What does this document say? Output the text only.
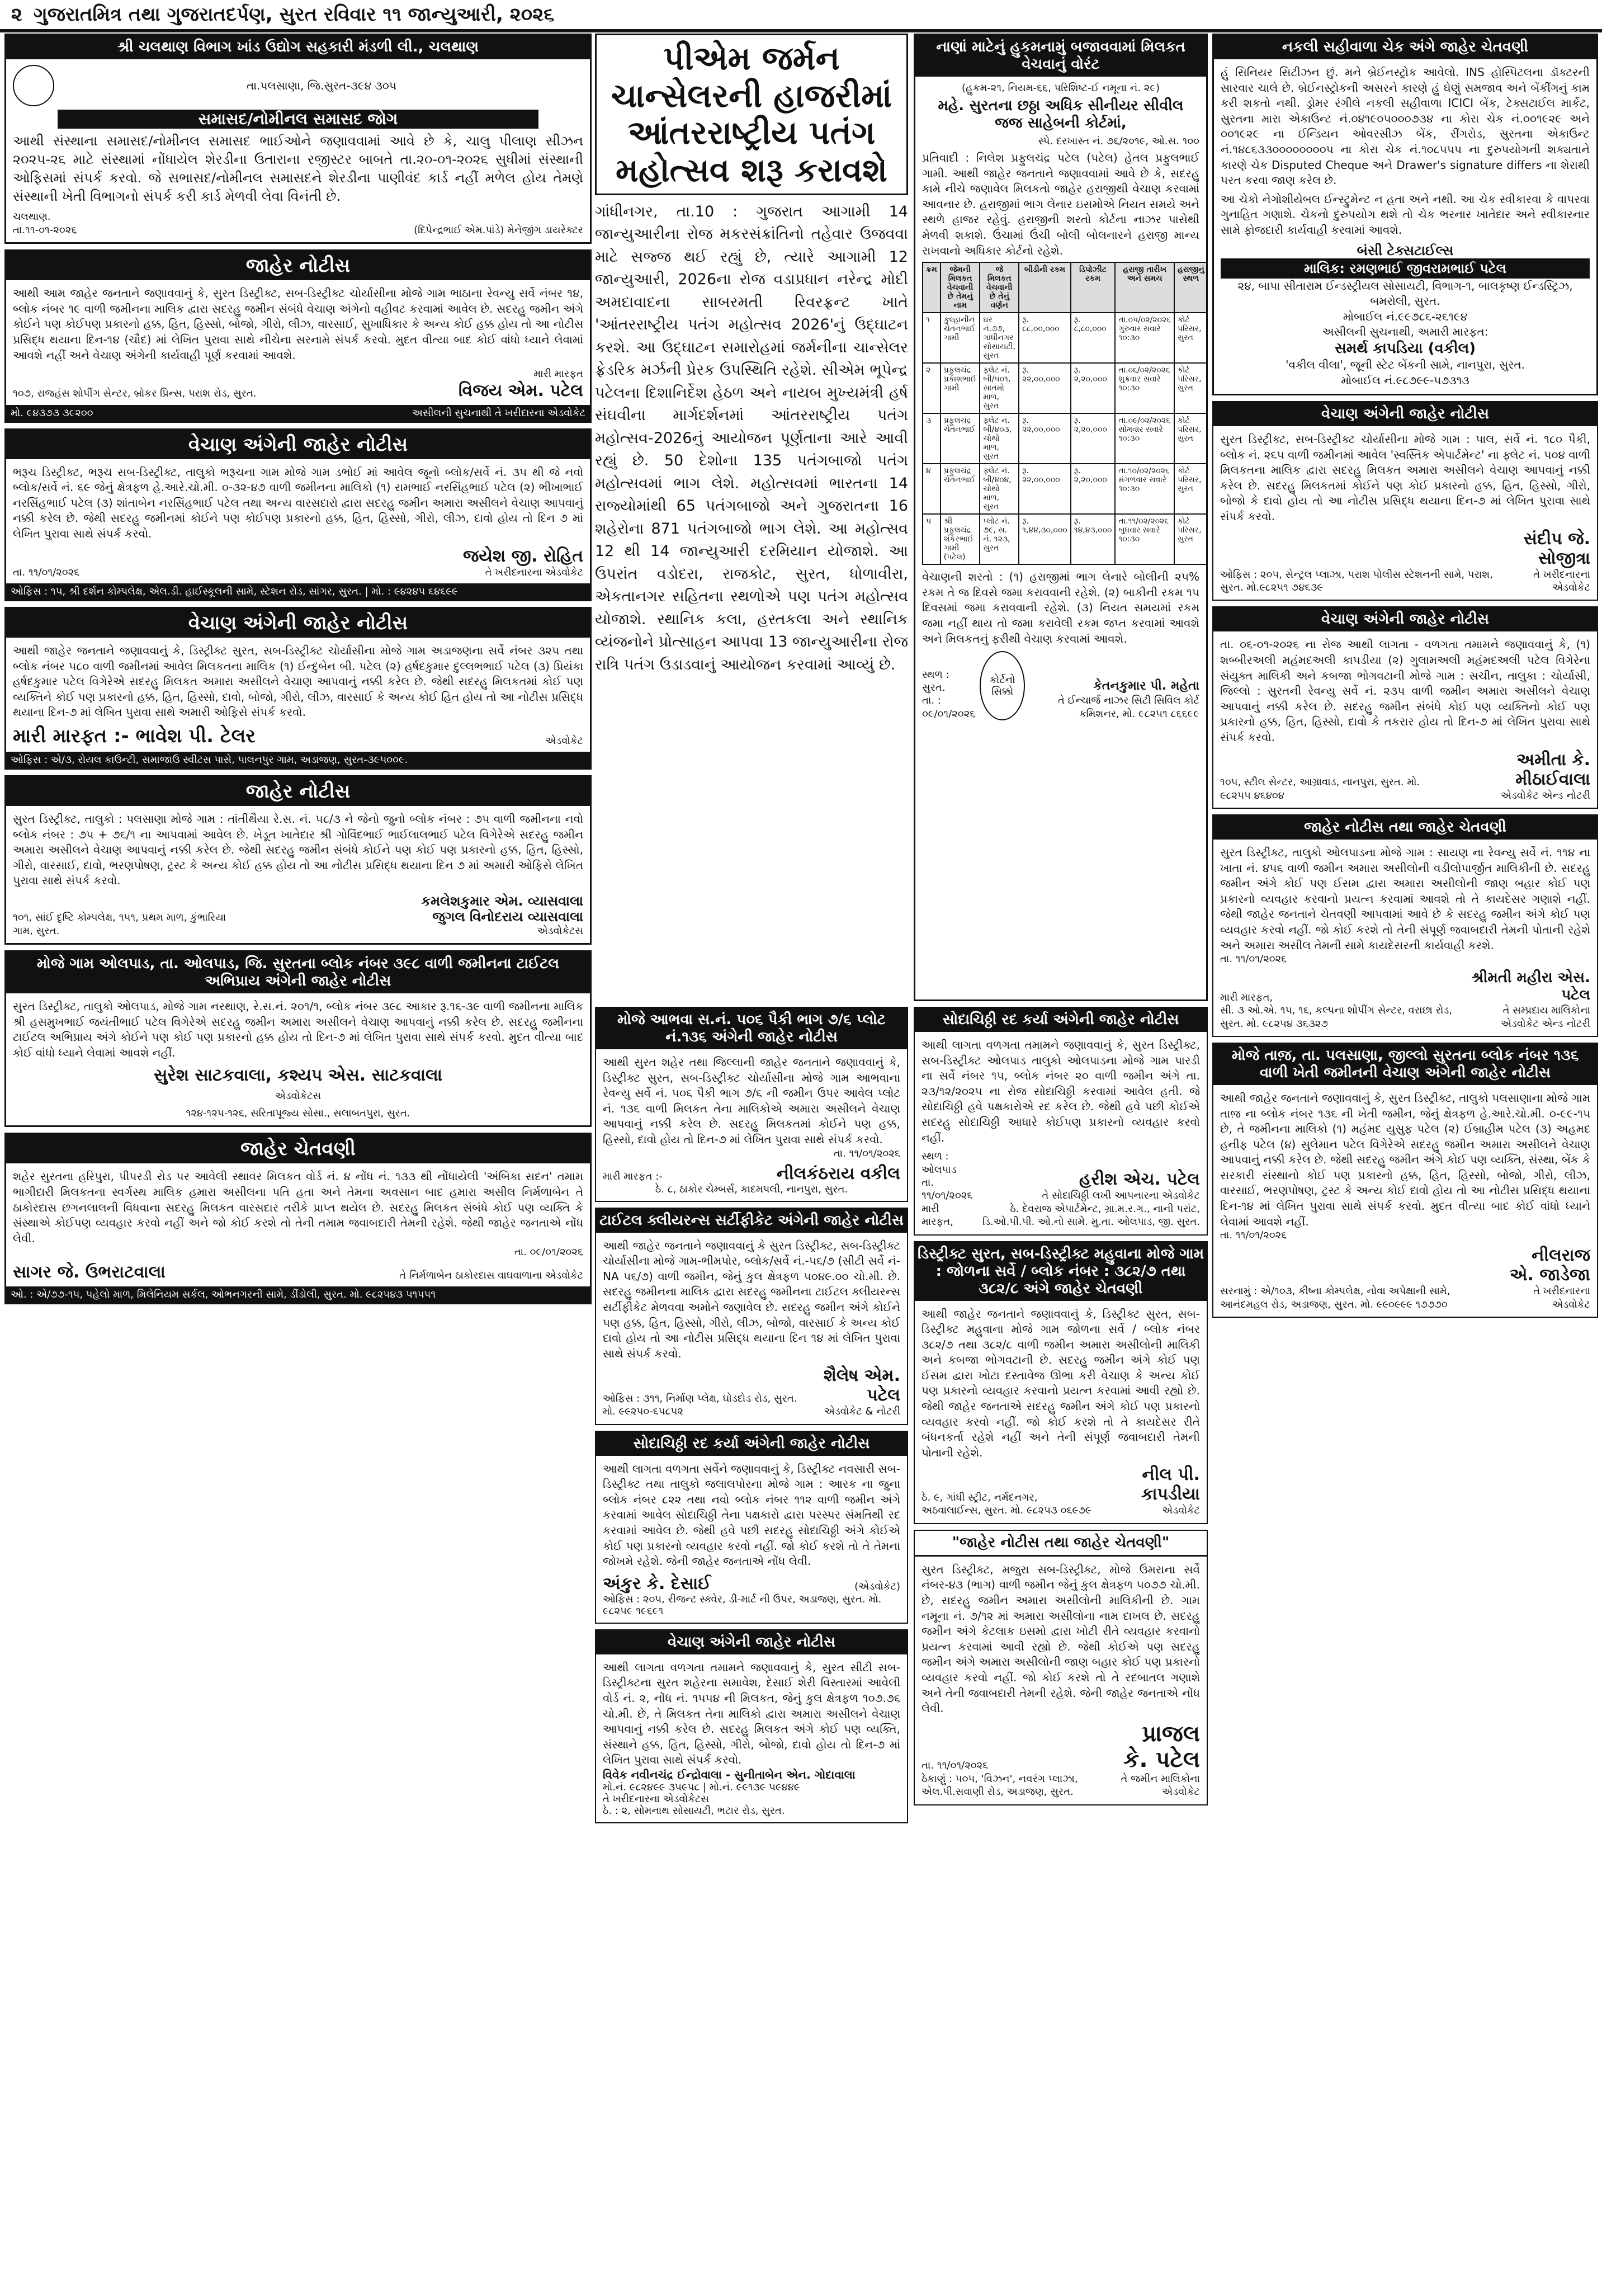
૨ ગુજરાતમિત્ર તથા ગુજરાતદર્પણ, સુરત રવિવાર ૧૧ જાન્યુઆરી, ૨૦૨૬
શ્રી ચલથાણ વિભાગ ખાંડ ઉદ્યોગ સહકારી મંડળી લી., ચલથાણ
તા.પલસાણા, જિ.સુરત-૩૯૪ ૩૦૫
સમાસદ/નોમીનલ સમાસદ જોગ
આથી સંસ્થાના સમાસદ/નોમીનલ સમાસદ ભાઈઓને જણાવવામાં આવે છે કે, ચાલુ પીલાણ સીઝન ૨૦૨૫-૨૬ માટે સંસ્થામાં નોંધાયેલ શેરડીના ઉતારાના રજીસ્ટર બાબતે તા.૨૦-૦૧-૨૦૨૬ સુધીમાં સંસ્થાની ઓફિસમાં સંપર્ક કરવો. જે સભાસદ/નોમીનલ સમાસદને શેરડીના પાણીવંદ કાર્ડ નહીં મળેલ હોય તેમણે સંસ્થાની ખેતી વિભાગનો સંપર્ક કરી કાર્ડ મેળવી લેવા વિનંતી છે.
ચલથાણ.
તા.૧૧-૦૧-૨૦૨૬	(દિપેન્દ્રભાઈ એમ.પાંડે) મેનેજીંગ ડાયરેક્ટર
જાહેર નોટીસ
આથી આમ જાહેર જનતાને જણાવવાનું કે, સુરત ડિસ્ટ્રીક્ટ, સબ-ડિસ્ટ્રીક્ટ ચોર્યાસીના મોજે ગામ ભાઠાના રેવન્યુ સર્વે નંબર ૧૪, બ્લોક નંબર ૧૯ વાળી જમીનના માલિક દ્વારા સદરહુ જમીન સંબંધે વેચાણ અંગેનો વહીવટ કરવામાં આવેલ છે. સદરહુ જમીન અંગે કોઈને પણ કોઈપણ પ્રકારનો હક્ક, હિત, હિસ્સો, બોજો, ગીરો, લીઝ, વારસાઈ, સુખાધિકાર કે અન્ય કોઈ હક્ક હોય તો આ નોટીસ પ્રસિદ્ધ થયાના દિન-૧૪ (ચૌદ) માં લેખિત પુરાવા સાથે નીચેના સરનામે સંપર્ક કરવો. મુદત વીત્યા બાદ કોઈ વાંધો ધ્યાને લેવામાં આવશે નહીં અને વેચાણ અંગેની કાર્યવાહી પૂર્ણ કરવામાં આવશે.
૧૦૭, રાજહંસ શોપીંગ સેન્ટર, બ્રોકર પ્રિન્સ, પરાશ રોડ, સુરત.
મારી મારફત
વિજય એમ. પટેલ
મો. ૯૪૩૭૩ ૩૯૨૦૦	અસીલની સુચનાથી તે ખરીદારના એડવોકેટ
વેચાણ અંગેની જાહેર નોટીસ
ભરૂચ ડિસ્ટ્રીક્ટ, ભરૂચ સબ-ડિસ્ટ્રીક્ટ, તાલુકો ભરૂચના ગામ મોજે ગામ ડભોઈ માં આવેલ જૂનો બ્લોક/સર્વે નં. ૩૫ થી જે નવો બ્લોક/સર્વે નં. ૬૯ જેનું ક્ષેત્રફળ હે.આરે.ચો.મી. ૦-૩૨-૪૭ વાળી જમીનના માલિકો (૧) રામભાઈ નરસિંહભાઈ પટેલ (૨) ભીખાભાઈ નરસિંહભાઈ પટેલ (૩) શાંતાબેન નરસિંહભાઈ પટેલ તથા અન્ય વારસદારો દ્વારા સદરહુ જમીન અમારા અસીલને વેચાણ આપવાનું નક્કી કરેલ છે. જેથી સદરહુ જમીનમાં કોઈને પણ કોઈપણ પ્રકારનો હક્ક, હિત, હિસ્સો, ગીરો, લીઝ, દાવો હોય તો દિન ૭ માં લેખિત પુરાવા સાથે સંપર્ક કરવો.
તા. ૧૧/૦૧/૨૦૨૬
જયેશ જી. રોહિત
તે ખરીદનારના એડવોકેટ
ઓફિસ : ૧૫, શ્રી દર્શન કોમ્પલેક્ષ, એલ.ડી. હાઈસ્કૂલની સામે, સ્ટેશન રોડ, સાંગર, સુરત. | મો. : ૯૪૨૪૫ ૬૪૬૯૯
વેચાણ અંગેની જાહેર નોટીસ
આથી જાહેર જનતાને જણાવવાનું કે, ડિસ્ટ્રીક્ટ સુરત, સબ-ડિસ્ટ્રીક્ટ ચોર્યાસીના મોજે ગામ અડાજણના સર્વે નંબર ૩૨૫ તથા બ્લોક નંબર ૫૮૦ વાળી જમીનમાં આવેલ મિલકતના માલિક (૧) ઈન્દુબેન બી. પટેલ (૨) હર્ષદકુમાર દુલ્લભભાઈ પટેલ (૩) પ્રિયંકા હર્ષદકુમાર પટેલ વિગેરેએ સદરહુ મિલકત અમારા અસીલને વેચાણ આપવાનું નક્કી કરેલ છે. જેથી સદરહુ મિલકતમાં કોઈ પણ વ્યક્તિને કોઈ પણ પ્રકારનો હક્ક, હિત, હિસ્સો, દાવો, બોજો, ગીરો, લીઝ, વારસાઈ કે અન્ય કોઈ હિત હોય તો આ નોટીસ પ્રસિદ્ધ થયાના દિન-૭ માં લેખિત પુરાવા સાથે અમારી ઓફિસે સંપર્ક કરવો.
મારી મારફત :- ભાવેશ પી. ટેલર	એડવોકેટ
ઓફિસ : એ/૩, રોયલ કાઉન્ટી, સમાજાઉ સ્વીટસ પાસે, પાલનપુર ગામ, અડાજણ, સુરત-૩૯૫૦૦૯.
જાહેર નોટીસ
સુરત ડિસ્ટ્રીક્ટ, તાલુકો : પલસાણા મોજે ગામ : તાંતીથૈયા રે.સ. નં. ૫૮/૩ ને જેનો જુનો બ્લોક નંબર : ૭૫ વાળી જમીનના નવો બ્લોક નંબર : ૭૫ + ૭૬/૧ ના આપવામાં આવેલ છે. ખેડૂત ખાતેદાર શ્રી ગોવિંદભાઈ ભાઈલાલભાઈ પટેલ વિગેરેએ સદરહુ જમીન અમારા અસીલને વેચાણ આપવાનું નક્કી કરેલ છે. જેથી સદરહુ જમીન સંબંધે કોઈને પણ કોઈ પણ પ્રકારનો હક્ક, હિત, હિસ્સો, ગીરો, વારસાઈ, દાવો, ભરણપોષણ, ટ્રસ્ટ કે અન્ય કોઈ હક્ક હોય તો આ નોટીસ પ્રસિદ્ધ થયાના દિન ૭ માં અમારી ઓફિસે લેખિત પુરાવા સાથે સંપર્ક કરવો.
૧૦૧, સાંઈ દૃષ્ટિ કોમ્પલેક્ષ, ૧૫૧, પ્રથમ માળ, કુંભારિયા ગામ, સુરત.
કમલેશકુમાર એમ. વ્યાસવાલા
જુગલ વિનોદરાય વ્યાસવાલા
એડવોકેટસ
મોજે ગામ ઓલપાડ, તા. ઓલપાડ, જિ. સુરતના બ્લોક નંબર ૩૯૮ વાળી જમીનના ટાઈટલ અભિપ્રાય અંગેની જાહેર નોટીસ
સુરત ડિસ્ટ્રીક્ટ, તાલુકો ઓલપાડ, મોજે ગામ નરથાણ, રે.સ.નં. ૨૦૧/૧, બ્લોક નંબર ૩૯૮ આકાર રૂ.૧૬-૩૯ વાળી જમીનના માલિક શ્રી હસમુખભાઈ જયંતીભાઈ પટેલ વિગેરેએ સદરહુ જમીન અમારા અસીલને વેચાણ આપવાનું નક્કી કરેલ છે. સદરહુ જમીનના ટાઈટલ અભિપ્રાય અંગે કોઈને પણ કોઈ પણ પ્રકારનો હક્ક હોય તો દિન-૭ માં લેખિત પુરાવા સાથે સંપર્ક કરવો. મુદત વીત્યા બાદ કોઈ વાંધો ધ્યાને લેવામાં આવશે નહીં.
સુરેશ સાટકવાલા, કશ્યપ એસ. સાટકવાલા
એડવોકેટસ
૧૨૪-૧૨૫-૧૨૬, સરિતાપૂજ્ય સોસા., સલાબતપુરા, સુરત.
જાહેર ચેતવણી
શહેર સુરતના હરિપુરા, પીપરડી રોડ પર આવેલી સ્થાવર મિલકત વોર્ડ નં. ૪ નોંધ નં. ૧૩૩ થી નોંધાયેલી 'અંબિકા સદન' તમામ ભાગીદારી મિલકતના સ્વર્ગસ્થ માલિક હમારા અસીલના પતિ હતા અને તેમના અવસાન બાદ હમારા અસીલ નિર્મળાબેન તે ઠાકોરદાસ છગનલાલની વિધવાના સદરહુ મિલકત વારસદાર તરીકે પ્રાપ્ત થયેલ છે. સદરહુ મિલકત સંબંધે કોઈ પણ વ્યક્તિ કે સંસ્થાએ કોઈપણ વ્યવહાર કરવો નહીં અને જો કોઈ કરશે તો તેની તમામ જવાબદારી તેમની રહેશે. જેથી જાહેર જનતાએ નોંધ લેવી.
તા. ૦૯/૦૧/૨૦૨૬
સાગર જે. ઉભરાટવાલા	તે નિર્મળાબેન ઠાકોરદાસ વાઘવાળાના એડવોકેટ
ઓ. : એ/૭૭-૧૫, પહેલો માળ, મિલેનિયમ સર્કલ, ઓભનગરની સામે, ડીંડોલી, સુરત. મો. ૯૮૨૫૪૩ ૫૧૫૫૧
પીએમ જર્મન ચાન્સેલરની હાજરીમાં આંતરરાષ્ટ્રીય પતંગ મહોત્સવ શરૂ કરાવશે
ગાંધીનગર, તા.10 : ગુજરાત આગામી 14 જાન્યુઆરીના રોજ મકરસંક્રાંતિનો તહેવાર ઉજવવા માટે સજ્જ થઈ રહ્યું છે, ત્યારે આગામી 12 જાન્યુઆરી, 2026ના રોજ વડાપ્રધાન નરેન્દ્ર મોદી અમદાવાદના સાબરમતી રિવરફ્રન્ટ ખાતે 'આંતરરાષ્ટ્રીય પતંગ મહોત્સવ 2026'નું ઉદ્ઘાટન કરશે. આ ઉદ્ઘાટન સમારોહમાં જર્મનીના ચાન્સેલર ફ્રેડરિક મર્ઝની પ્રેરક ઉપસ્થિતિ રહેશે. સીએમ ભૂપેન્દ્ર પટેલના દિશાનિર્દેશ હેઠળ અને નાયબ મુખ્યમંત્રી હર્ષ સંઘવીના માર્ગદર્શનમાં આંતરરાષ્ટ્રીય પતંગ મહોત્સવ-2026નું આયોજન પૂર્ણતાના આરે આવી રહ્યું છે. 50 દેશોના 135 પતંગબાજો પતંગ મહોત્સવમાં ભાગ લેશે. મહોત્સવમાં ભારતના 14 રાજ્યોમાંથી 65 પતંગબાજો અને ગુજરાતના 16 શહેરોના 871 પતંગબાજો ભાગ લેશે. આ મહોત્સવ 12 થી 14 જાન્યુઆરી દરમિયાન યોજાશે. આ ઉપરાંત વડોદરા, રાજકોટ, સુરત, ધોળાવીરા, એકતાનગર સહિતના સ્થળોએ પણ પતંગ મહોત્સવ યોજાશે. સ્થાનિક કલા, હસ્તકલા અને સ્થાનિક વ્યંજનોને પ્રોત્સાહન આપવા 13 જાન્યુઆરીના રોજ રાત્રિ પતંગ ઉડાડવાનું આયોજન કરવામાં આવ્યું છે.
નાણાં માટેનું હુકમનામું બજાવવામાં મિલકત વેચવાનું વોરંટ
(હુકમ-૨૧, નિયમ-૬૬, પરિશિષ્ટ-ઈ નમૂના નં. ૨૯)
મહે. સુરતના છઠ્ઠા અધિક સીનીયર સીવીલ જજ સાહેબની કોર્ટમાં,
સ્પે. દરખાસ્ત નં. ૭૬/૨૦૧૯, ઓ.સ. ૧૦૦
પ્રતિવાદી : નિલેશ પ્રફુલચંદ્ર પટેલ (પટેલ) હેતલ પ્રફુલભાઈ ગામી. આથી જાહેર જનતાને જણાવવામાં આવે છે કે, સદરહુ કામે નીચે જણાવેલ મિલકતો જાહેર હરાજીથી વેચાણ કરવામાં આવનાર છે. હરાજીમાં ભાગ લેનાર ઇસમોએ નિયત સમયે અને સ્થળે હાજર રહેવું. હરાજીની શરતો કોર્ટના નાઝર પાસેથી મેળવી શકાશે. ઉંચામાં ઉંચી બોલી બોલનારને હરાજી માન્ય રાખવાનો અધિકાર કોર્ટનો રહેશે.
ક્રમ	જેમની મિલકત વેચવાની છે તેમનું નામ	જે મિલકત વેચવાની છે તેનું વર્ણન	બીડીની રકમ	ડિપોઝીટ રકમ	હરાજી તારીખ અને સમય	હરાજીનું સ્થળ
૧	કુલ્હાનીન ચેતનભાઈ ગામી	ઘર નં.૭૭, ગાંધીનગર સોસાયટી, સુરત	રૂ. ૮૮,૦૦,૦૦૦	રૂ. ૮,૮૦,૦૦૦	તા.૦૫/૦૨/૨૦૨૬ ગુરુવાર સવારે ૧૦:૩૦	કોર્ટ પરિસર, સુરત
૨	પ્રફુલચંદ્ર પ્રકાશભાઈ ગામી	ફ્લેટ નં. બી/૫૦૧, સાતમો માળ, સુરત	રૂ. ૨૨,૦૦,૦૦૦	રૂ. ૨,૨૦,૦૦૦	તા.૦૬/૦૨/૨૦૨૬ શુક્રવાર સવારે ૧૦:૩૦	કોર્ટ પરિસર, સુરત
૩	પ્રફુલચંદ્ર ચેતનભાઈ	ફ્લેટ નં. બી/૪૦૩, ચોથો માળ, સુરત	રૂ. ૨૨,૦૦,૦૦૦	રૂ. ૨,૨૦,૦૦૦	તા.૦૯/૦૨/૨૦૨૬ સોમવાર સવારે ૧૦:૩૦	કોર્ટ પરિસર, સુરત
૪	પ્રફુલચંદ્ર ચેતનભાઈ	ફ્લેટ નં. બી/૪૦૪, ચોથો માળ, સુરત	રૂ. ૨૨,૦૦,૦૦૦	રૂ. ૨,૨૦,૦૦૦	તા.૧૦/૦૨/૨૦૨૬ મંગળવાર સવારે ૧૦:૩૦	કોર્ટ પરિસર, સુરત
૫	શ્રી પ્રફુલચંદ્ર શંકરભાઈ ગામી (પટેલ)	પ્લોટ નં. ૭૯, સ. નં. ૧૨૩, સુરત	રૂ. ૧,૪૪,૩૦,૦૦૦	રૂ. ૧૪,૪૩,૦૦૦	તા.૧૧/૦૨/૨૦૨૬ બુધવાર સવારે ૧૦:૩૦	કોર્ટ પરિસર, સુરત
વેચાણની શરતો : (૧) હરાજીમાં ભાગ લેનારે બોલીની ૨૫% રકમ તે જ દિવસે જમા કરાવવાની રહેશે. (૨) બાકીની રકમ ૧૫ દિવસમાં જમા કરાવવાની રહેશે. (૩) નિયત સમયમાં રકમ જમા નહીં થાય તો જમા કરાવેલી રકમ જપ્ત કરવામાં આવશે અને મિલકતનું ફરીથી વેચાણ કરવામાં આવશે.
સ્થળ : સુરત.
તા. : ૦૯/૦૧/૨૦૨૬
કોર્ટનો સિક્કો	કેતનકુમાર પી. મહેતા
તે ઈન્ચાર્જ નાઝર સિટી સિવિલ કોર્ટ કમિશનર, મો. ૯૮૨૫૧ ૮૬૬૯૯
મોજે આભવા સ.નં. ૫૦૬ પૈકી ભાગ ૭/૬ પ્લોટ નં.૧૩૬ અંગેની જાહેર નોટીસ
આથી સુરત શહેર તથા જિલ્લાની જાહેર જનતાને જણાવવાનું કે, ડિસ્ટ્રીક્ટ સુરત, સબ-ડિસ્ટ્રીક્ટ ચોર્યાસીના મોજે ગામ આભવાના રેવન્યુ સર્વે નં. ૫૦૬ પૈકી ભાગ ૭/૬ ની જમીન ઉપર આવેલ પ્લોટ નં. ૧૩૬ વાળી મિલકત તેના માલિકોએ અમારા અસીલને વેચાણ આપવાનું નક્કી કરેલ છે. સદરહુ મિલકતમાં કોઈને પણ હક્ક, હિસ્સો, દાવો હોય તો દિન-૭ માં લેખિત પુરાવા સાથે સંપર્ક કરવો.
તા. ૧૧/૦૧/૨૦૨૬
મારી મારફત :-	નીલકંઠરાય વકીલ
ઠે. ૮, ઠાકોર ચેમ્બર્સ, કાદમપલી, નાનપુરા, સુરત.
ટાઈટલ ક્લીયરન્સ સર્ટીફીકેટ અંગેની જાહેર નોટીસ
આથી જાહેર જનતાને જણાવવાનું કે સુરત ડિસ્ટ્રીક્ટ, સબ-ડિસ્ટ્રીક્ટ ચોર્યાસીના મોજે ગામ-ભીમપોર, બ્લોક/સર્વે નં.-૫૬/૭ (સીટી સર્વે નં-NA ૫૬/૭) વાળી જમીન, જેનું કુલ ક્ષેત્રફળ ૫૦૪૯.૦૦ ચો.મી. છે. સદરહુ જમીનના માલિક દ્વારા સદરહુ જમીનના ટાઈટલ ક્લીયરન્સ સર્ટીફીકેટ મેળવવા અમોને જણાવેલ છે. સદરહુ જમીન અંગે કોઈને પણ હક્ક, હિત, હિસ્સો, ગીરો, લીઝ, બોજો, વારસાઈ કે અન્ય કોઈ દાવો હોય તો આ નોટીસ પ્રસિદ્ધ થયાના દિન ૧૪ માં લેખિત પુરાવા સાથે સંપર્ક કરવો.
ઓફિસ : ૩૧૧, નિર્માણ પ્લેક્ષ, ઘોડદોડ રોડ, સુરત. મો. ૯૯૨૫૦-૬૫૮૫૨
શૈલેષ એમ. પટેલ
એડવોકેટ & નોટરી
સોદાચિઠ્ઠી રદ કર્યા અંગેની જાહેર નોટીસ
આથી લાગતા વળગતા સર્વેને જણાવવાનું કે, ડિસ્ટ્રીક્ટ નવસારી સબ-ડિસ્ટ્રીક્ટ તથા તાલુકો જલાલપોરના મોજે ગામ : આરક ના જુના બ્લોક નંબર ૮૨૨ તથા નવો બ્લોક નંબર ૧૧૨ વાળી જમીન અંગે કરવામાં આવેલ સોદાચિઠ્ઠી તેના પક્ષકારો દ્વારા પરસ્પર સંમતિથી રદ કરવામાં આવેલ છે. જેથી હવે પછી સદરહુ સોદાચિઠ્ઠી અંગે કોઈએ કોઈ પણ પ્રકારનો વ્યવહાર કરવો નહીં. જો કોઈ કરશે તો તે તેમના જોખમે રહેશે. જેની જાહેર જનતાએ નોંધ લેવી.
અંકુર કે. દેસાઈ	(એડવોકેટ)
ઓફિસ : ૨૦૫, રીજન્ટ સ્ક્વેર, ડી-માર્ટ ની ઉપર, અડાજણ, સુરત. મો. ૯૮૨૫૯ ૧૯૬૯૧
વેચાણ અંગેની જાહેર નોટીસ
આથી લાગતા વળગતા તમામને જણાવવાનું કે, સુરત સીટી સબ-ડિસ્ટ્રીક્ટના સુરત શહેરના સમાવેશ, દેસાઈ શેરી વિસ્તારમાં આવેલી વોર્ડ નં. ૨, નોંધ નં. ૧૫૫૪ ની મિલકત, જેનું કુલ ક્ષેત્રફળ ૧૦૭.૭૬ ચો.મી. છે, તે મિલકત તેના માલિકો દ્વારા અમારા અસીલને વેચાણ આપવાનું નક્કી કરેલ છે. સદરહુ મિલકત અંગે કોઈ પણ વ્યક્તિ, સંસ્થાને હક્ક, હિત, હિસ્સો, ગીરો, બોજો, દાવો હોય તો દિન-૭ માં લેખિત પુરાવા સાથે સંપર્ક કરવો.
વિવેક નવીનચંદ્ર ઈન્દ્રોવાલા - સુનીતાબેન એન. ગોદાવાલા
મો.નં. ૯૮૨૪૯૯ ૩૫૯૫૮ | મો.નં. ૯૯૧૩૯ ૫૯૪૪૯
તે ખરીદનારના એડવોકેટસ
ઠે. : ૨, સોમનાથ સોસાયટી, ભટાર રોડ, સુરત.
સોદાચિઠ્ઠી રદ કર્યા અંગેની જાહેર નોટીસ
આથી લાગતા વળગતા તમામને જણાવવાનું કે, સુરત ડિસ્ટ્રીક્ટ, સબ-ડિસ્ટ્રીક્ટ ઓલપાડ તાલુકો ઓલપાડના મોજે ગામ પારડી ના સર્વે નંબર ૧૫, બ્લોક નંબર ૨૦ વાળી જમીન અંગે તા. ૨૩/૧૨/૨૦૨૫ ના રોજ સોદાચિઠ્ઠી કરવામાં આવેલ હતી. જે સોદાચિઠ્ઠી હવે પક્ષકારોએ રદ કરેલ છે. જેથી હવે પછી કોઈએ સદરહુ સોદાચિઠ્ઠી આધારે કોઈપણ પ્રકારનો વ્યવહાર કરવો નહીં.
સ્થળ : ઓલપાડ
તા. ૧૧/૦૧/૨૦૨૬
મારી મારફત,
હરીશ એચ. પટેલ
તે સોદાચિઠ્ઠી લખી આપનારના એડવોકેટ
ઠે. દેવરાજ એપાર્ટમેન્ટ, ગ્રા.મ.ર.ગ., નાની પરાંટ, ડિ.ઓ.પી.પી. ઓ.નો સામે. મુ.તા. ઓલપાડ, જી. સુરત.
ડિસ્ટ્રીક્ટ સુરત, સબ-ડિસ્ટ્રીક્ટ મહુવાના મોજે ગામ : જોળના સર્વે / બ્લોક નંબર : ૩૮૨/૭ તથા ૩૮૨/૮ અંગે જાહેર ચેતવણી
આથી જાહેર જનતાને જણાવવાનું કે, ડિસ્ટ્રીક્ટ સુરત, સબ-ડિસ્ટ્રીક્ટ મહુવાના મોજે ગામ જોળના સર્વે / બ્લોક નંબર ૩૮૨/૭ તથા ૩૮૨/૮ વાળી જમીન અમારા અસીલોની માલિકી અને કબજા ભોગવટાની છે. સદરહુ જમીન અંગે કોઈ પણ ઈસમ દ્વારા ખોટા દસ્તાવેજ ઊભા કરી વેચાણ કે અન્ય કોઈ પણ પ્રકારનો વ્યવહાર કરવાનો પ્રયત્ન કરવામાં આવી રહ્યો છે. જેથી જાહેર જનતાએ સદરહુ જમીન અંગે કોઈ પણ પ્રકારનો વ્યવહાર કરવો નહીં. જો કોઈ કરશે તો તે કાયદેસર રીતે બંધનકર્તા રહેશે નહીં અને તેની સંપૂર્ણ જવાબદારી તેમની પોતાની રહેશે.
ઠે. ૯, ગાંધી સ્ટ્રીટ, નર્મદનગર, અઠવાલાઈન્સ, સુરત. મો. ૯૮૨૫૩ ૦૬૯૭૯
નીલ પી. કાપડીયા એડવોકેટ
"જાહેર નોટીસ તથા જાહેર ચેતવણી"
સુરત ડિસ્ટ્રીક્ટ, મજુરા સબ-ડિસ્ટ્રીક્ટ, મોજે ઉમરાના સર્વે નંબર-૪૩ (ભાગ) વાળી જમીન જેનું કુલ ક્ષેત્રફળ ૫૦૭૭ ચો.મી. છે, સદરહુ જમીન અમારા અસીલોની માલિકીની છે. ગામ નમૂના નં. ૭/૧૨ માં અમારા અસીલોના નામ દાખલ છે. સદરહુ જમીન અંગે કેટલાક ઇસમો દ્વારા ખોટી રીતે વ્યવહાર કરવાનો પ્રયત્ન કરવામાં આવી રહ્યો છે. જેથી કોઈએ પણ સદરહુ જમીન અંગે અમારા અસીલોની જાણ બહાર કોઈ પણ પ્રકારનો વ્યવહાર કરવો નહીં. જો કોઈ કરશે તો તે રદબાતલ ગણાશે અને તેની જવાબદારી તેમની રહેશે. જેની જાહેર જનતાએ નોંધ લેવી.
તા. ૧૧/૦૧/૨૦૨૬
ઠેકાણું : ૫૦૫, 'વિઝન', નવરંગ પ્લાઝા, એલ.પી.સવાણી રોડ, અડાજણ, સુરત.
પ્રાજલ કે. પટેલ
તે જમીન માલિકોના એડવોકેટ
નકલી સહીવાળા ચેક અંગે જાહેર ચેતવણી
હું સિનિયર સિટીઝન છું. મને બ્રેઈનસ્ટ્રોક આવેલો. INS હોસ્પિટલના ડૉક્ટરની સારવાર ચાલે છે. બ્રેઈનસ્ટ્રોકની અસરને કારણે હું ઘેણું સમજાવ અને બેંકીંગનું કામ કરી શકતો નથી. ડ્રોમર રંગીલે નકલી સહીવાળા ICICI બેંક, ટેક્સટાઈલ માર્કેટ, સુરતના મારા એકાઉન્ટ નં.૦૪૧૯૦૫૦૦૦૭૩૪ ના કોરા ચેક નં.૦૦૧૯૨૯ અને ૦૦૧૯૨૯ ના ઈન્ડિયન ઓવરસીઝ બેંક, રીંગરોડ, સુરતના એકાઉન્ટ નં.૧૪૮૬૩૩૦૦૦૦૦૦૦૦૫ ના કોરા ચેક નં.૧૦૮૫૫૫ ના દુરુપયોગની શક્યતાને કારણે ચેક Disputed Cheque અને Drawer's signature differs ના શેરાથી પરત કરવા જાણ કરેલ છે.
આ ચેકો નેગોશીયેબલ ઈન્સ્ટ્રુમેન્ટ ન હતા અને નથી. આ ચેક સ્વીકારવા કે વાપરવા ગુનાહિત ગણાશે. ચેકનો દુરુપયોગ થશે તો ચેક ભરનાર ખાતેદાર અને સ્વીકારનાર સામે ફોજદારી કાર્યવાહી કરવામાં આવશે.
બંસી ટેક્સટાઈલ્સ
માલિક: રમણભાઈ જીવરામભાઈ પટેલ
૨૪, બાપા સીતારામ ઈન્ડસ્ટ્રીયલ સોસાયટી, વિભાગ-૧, બાલકૃષ્ણ ઈન્ડસ્ટ્રિઝ, બમરોલી, સુરત.
મોબાઈલ નં.૯૯૭૮૬-૨૬૧૯૪
અસીલની સુચનાથી, અમારી મારફત:
સમર્થ કાપડિયા (વકીલ)
'વકીલ વીલા', જૂની સ્ટેટ બેંકની સામે, નાનપુરા, સુરત.
મોબાઈલ નં.૯૮૭૯૯-૫૭૩૧૩
વેચાણ અંગેની જાહેર નોટીસ
સુરત ડિસ્ટ્રીક્ટ, સબ-ડિસ્ટ્રીક્ટ ચોર્યાસીના મોજે ગામ : પાલ, સર્વે નં. ૧૮૦ પૈકી, બ્લોક નં. ૨૬૫ વાળી જમીનમાં આવેલ 'સ્વસ્તિક એપાર્ટમેન્ટ' ના ફ્લેટ નં. ૫૦૪ વાળી મિલકતના માલિક દ્વારા સદરહુ મિલકત અમારા અસીલને વેચાણ આપવાનું નક્કી કરેલ છે. સદરહુ મિલકતમાં કોઈને પણ કોઈ પ્રકારનો હક્ક, હિત, હિસ્સો, ગીરો, બોજો કે દાવો હોય તો આ નોટીસ પ્રસિદ્ધ થયાના દિન-૭ માં લેખિત પુરાવા સાથે સંપર્ક કરવો.
ઓફિસ : ૨૦૫, સેન્ટ્રલ પ્લાઝા, પરાશ પોલીસ સ્ટેશનની સામે, પરાશ, સુરત. મો.૯૮૨૫૧ ૭૪૬૩૯
સંદીપ જે. સોજીત્રા
તે ખરીદનારના એડવોકેટ
વેચાણ અંગેની જાહેર નોટીસ
તા. ૦૬-૦૧-૨૦૨૬ ના રોજ આથી લાગતા - વળગતા તમામને જણાવવાનું કે, (૧) શબ્બીરઅલી મહંમદઅલી કાપડીયા (૨) ગુલામઅલી મહંમદઅલી પટેલ વિગેરેના સંયુક્ત માલિકી અને કબજા ભોગવટાની મોજે ગામ : સચીન, તાલુકા : ચોર્યાસી, જિલ્લો : સુરતની રેવન્યુ સર્વે નં. ૨૩૫ વાળી જમીન અમારા અસીલને વેચાણ આપવાનું નક્કી કરેલ છે. સદરહુ જમીન સંબંધે કોઈ પણ વ્યક્તિનો કોઈ પણ પ્રકારનો હક્ક, હિત, હિસ્સો, દાવો કે તકરાર હોય તો દિન-૭ માં લેખિત પુરાવા સાથે સંપર્ક કરવો.
૧૦૫, સ્ટીલ સેન્ટર, આગ્રાવાડ, નાનપુરા, સુરત. મો. ૯૮૨૫૫ ૪૬૪૦૪
અમીતા કે. મીઠાઈવાલા
એડવોકેટ એન્ડ નોટરી
જાહેર નોટીસ તથા જાહેર ચેતવણી
સુરત ડિસ્ટ્રીક્ટ, તાલુકો ઓલપાડના મોજે ગામ : સાયણ ના રેવન્યુ સર્વે નં. ૧૧૪ ના ખાતા નં. ૪૫૬ વાળી જમીન અમારા અસીલોની વડીલોપાર્જીત માલિકીની છે. સદરહુ જમીન અંગે કોઈ પણ ઈસમ દ્વારા અમારા અસીલોની જાણ બહાર કોઈ પણ પ્રકારનો વ્યવહાર કરવાનો પ્રયત્ન કરવામાં આવશે તો તે કાયદેસર ગણાશે નહીં. જેથી જાહેર જનતાને ચેતવણી આપવામાં આવે છે કે સદરહુ જમીન અંગે કોઈ પણ વ્યવહાર કરવો નહીં. જો કોઈ કરશે તો તેની સંપૂર્ણ જવાબદારી તેમની પોતાની રહેશે અને અમારા અસીલ તેમની સામે કાયદેસરની કાર્યવાહી કરશે.
તા. ૧૧/૦૧/૨૦૨૬
મારી મારફત,
સી. ૩ ઓ.એ. ૧૫, ૧૬, કલ્પના શોપીંગ સેન્ટર, વરાછા રોડ, સુરત. મો. ૯૮૨૫૪ ૩૬૩૨૭
શ્રીમતી મહીરા એસ. પટેલ
તે સમ્પ્રદાય માલિકોના એડવોકેટ એન્ડ નોટરી
મોજે તાજ઼, તા. પલસાણા, જીલ્લો સુરતના બ્લોક નંબર ૧૩૬ વાળી ખેતી જમીનની વેચાણ અંગેની જાહેર નોટીસ
આથી જાહેર જનતાને જણાવવાનું કે, સુરત ડિસ્ટ્રીક્ટ, તાલુકો પલસાણાના મોજે ગામ તાજ઼ ના બ્લોક નંબર ૧૩૬ ની ખેતી જમીન, જેનું ક્ષેત્રફળ હે.આરે.ચો.મી. ૦-૯૯-૧૫ છે, તે જમીનના માલિકો (૧) મહંમદ યુસુફ પટેલ (૨) ઈબ્રાહીમ પટેલ (૩) અહમદ હનીફ પટેલ (૪) સુલેમાન પટેલ વિગેરેએ સદરહુ જમીન અમારા અસીલને વેચાણ આપવાનું નક્કી કરેલ છે. જેથી સદરહુ જમીન અંગે કોઈ પણ વ્યક્તિ, સંસ્થા, બેંક કે સરકારી સંસ્થાનો કોઈ પણ પ્રકારનો હક્ક, હિત, હિસ્સો, બોજો, ગીરો, લીઝ, વારસાઈ, ભરણપોષણ, ટ્રસ્ટ કે અન્ય કોઈ દાવો હોય તો આ નોટીસ પ્રસિદ્ધ થયાના દિન-૧૪ માં લેખિત પુરાવા સાથે સંપર્ક કરવો. મુદત વીત્યા બાદ કોઈ વાંધો ધ્યાને લેવામાં આવશે નહીં.
તા. ૧૧/૦૧/૨૦૨૬
સરનામું : એ/૧૦૩, કીષ્ના કોમ્પલેક્ષ, નોવા અપેક્ષાની સામે, આનંદમહલ રોડ, અડાજણ, સુરત. મો. ૯૯૦૯૯૯ ૧૭૭૭૦
નીલરાજ એ. જાડેજા
તે ખરીદનારના એડવોકેટ
